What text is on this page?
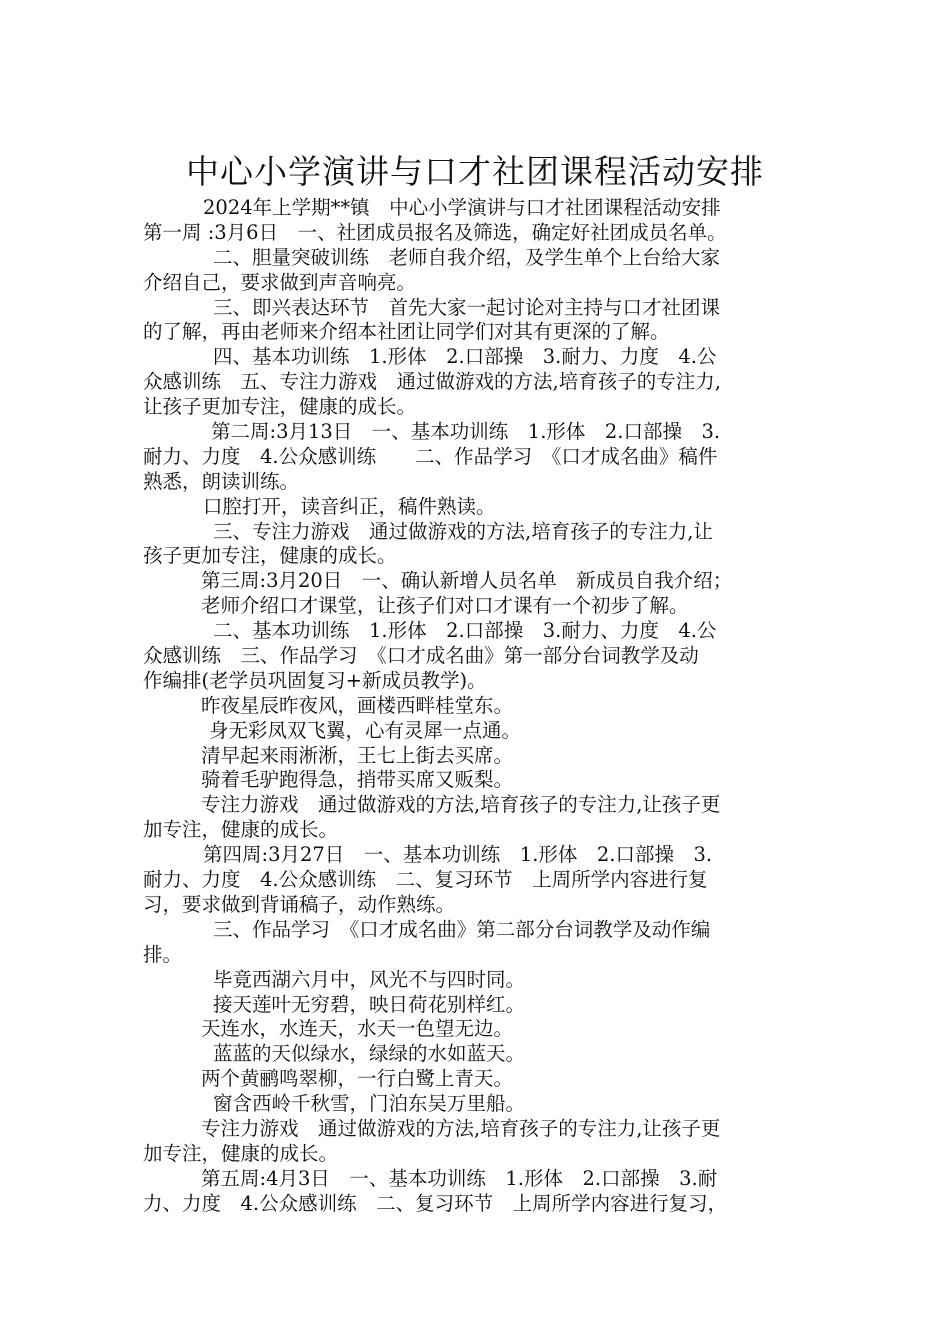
中心小学演讲与口才社团课程活动安排
2024年上学期**镇　中心小学演讲与口才社团课程活动安排
第一周 :3月6日　一、社团成员报名及筛选，确定好社团成员名单。
二、胆量突破训练　老师自我介绍，及学生单个上台给大家
介绍自己，要求做到声音响亮。
三、即兴表达环节　首先大家一起讨论对主持与口才社团课
的了解，再由老师来介绍本社团让同学们对其有更深的了解。
四、基本功训练　1.形体　2.口部操　3.耐力、力度　4.公
众感训练　五、专注力游戏　通过做游戏的方法,培育孩子的专注力,
让孩子更加专注，健康的成长。
第二周:3月13日　一、基本功训练　1.形体　2.口部操　3.
耐力、力度　4.公众感训练　　二、作品学习　《口才成名曲》稿件
熟悉，朗读训练。
口腔打开，读音纠正，稿件熟读。
三、专注力游戏　通过做游戏的方法,培育孩子的专注力,让
孩子更加专注，健康的成长。
第三周:3月20日　一、确认新增人员名单　新成员自我介绍；
老师介绍口才课堂，让孩子们对口才课有一个初步了解。
二、基本功训练　1.形体　2.口部操　3.耐力、力度　4.公
众感训练　三、作品学习　《口才成名曲》第一部分台词教学及动
作编排(老学员巩固复习+新成员教学)。
昨夜星辰昨夜风，画楼西畔桂堂东。
身无彩凤双飞翼，心有灵犀一点通。
清早起来雨淅淅，王七上街去买席。
骑着毛驴跑得急，捎带买席又贩梨。
专注力游戏　通过做游戏的方法,培育孩子的专注力,让孩子更
加专注，健康的成长。
第四周:3月27日　一、基本功训练　1.形体　2.口部操　3.
耐力、力度　4.公众感训练　二、复习环节　上周所学内容进行复
习，要求做到背诵稿子，动作熟练。
三、作品学习　《口才成名曲》第二部分台词教学及动作编
排。
毕竟西湖六月中，风光不与四时同。
接天莲叶无穷碧，映日荷花别样红。
天连水，水连天，水天一色望无边。
蓝蓝的天似绿水，绿绿的水如蓝天。
两个黄鹂鸣翠柳，一行白鹭上青天。
窗含西岭千秋雪，门泊东吴万里船。
专注力游戏　通过做游戏的方法,培育孩子的专注力,让孩子更
加专注，健康的成长。
第五周:4月3日　一、基本功训练　1.形体　2.口部操　3.耐
力、力度　4.公众感训练　二、复习环节　上周所学内容进行复习，
